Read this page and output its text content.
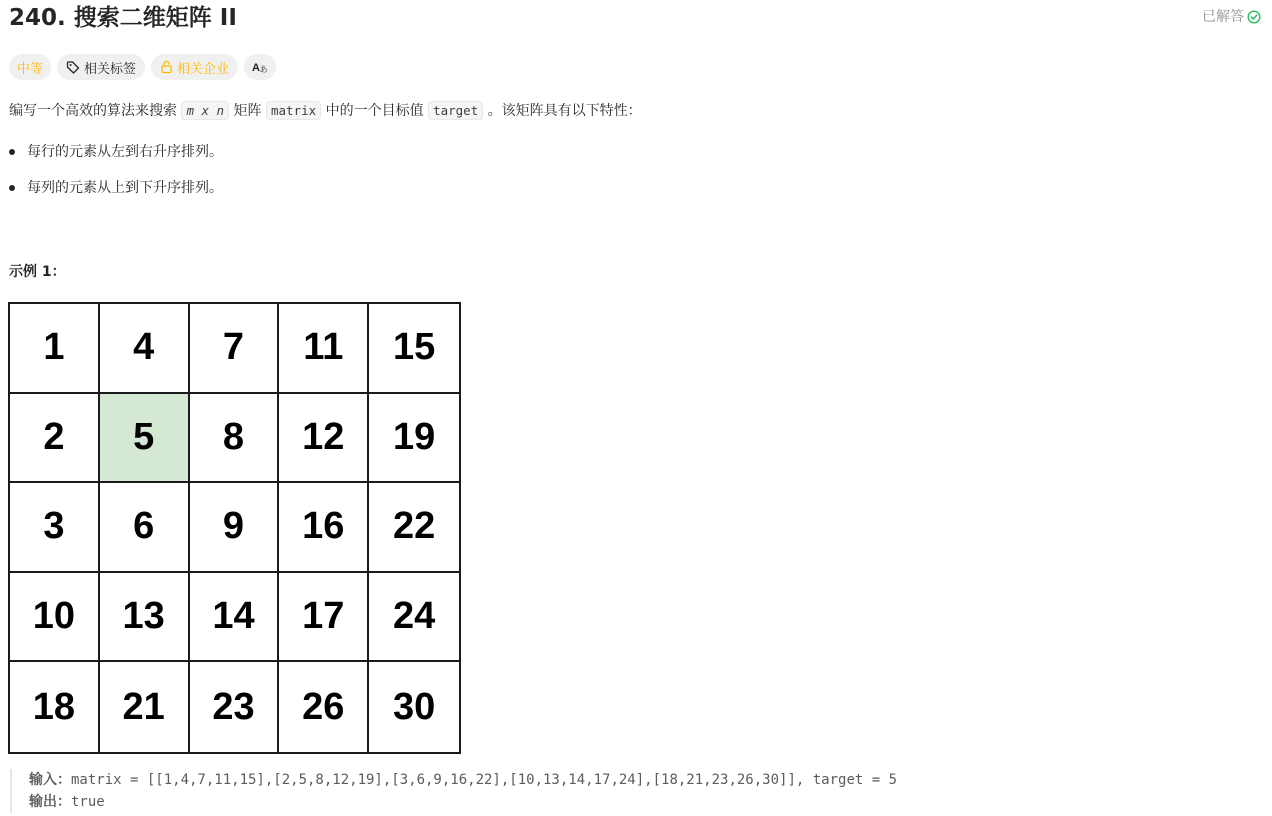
240. 搜索二维矩阵 II	已解答
中等	相关标签	相关企业 A あ
编写一个高效的算法来搜索 m x n 矩阵 matrix 中的一个目标值 target 。该矩阵具有以下特性：
每行的元素从左到右升序排列。
每列的元素从上到下升序排列。
示例 1：
1	4	7	11	15
2	5	8	12	19
3	6	9	16	22
10	13	14	17	24
18	21	23	26	30
输入：matrix = [[1,4,7,11,15],[2,5,8,12,19],[3,6,9,16,22],[10,13,14,17,24],[18,21,23,26,30]], target = 5
输出：true
